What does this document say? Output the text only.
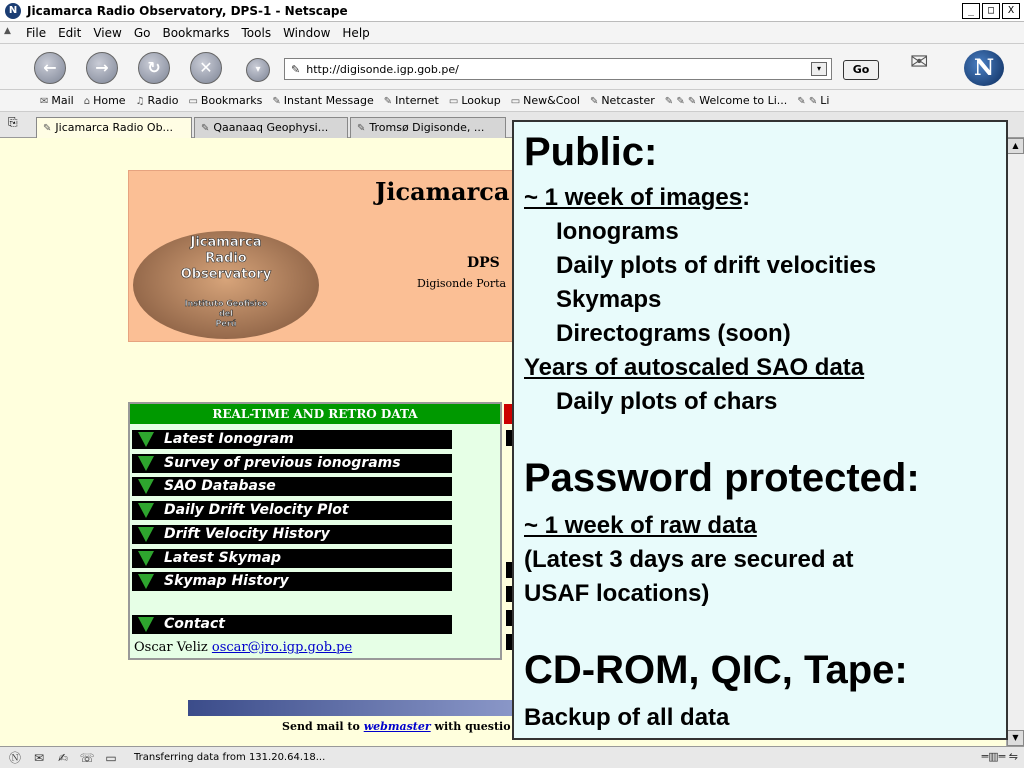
N Jicamarca Radio Observatory, DPS-1 - Netscape	_	□	X
▲ File Edit View Go Bookmarks Tools Window Help
←	→	↻	✕	▾	✎ http://digisonde.igp.gob.pe/	▾	Go	✉	N
✉ Mail ⌂ Home ♫ Radio ▭ Bookmarks ✎ Instant Message ✎ Internet ▭ Lookup ▭ New&Cool ✎ Netcaster ✎ ✎ ✎ Welcome to Li... ✎ ✎ Li
✎ Jicamarca Radio Ob...	✎ Qaanaaq Geophysi...	✎ Tromsø Digisonde, ...
⎘
Jicamarca
Jicamarca
Radio
Observatory
Instituto Geofisico
del
Perú
DPS
Digisonde Porta
REAL-TIME AND RETRO DATA
Latest Ionogram
Survey of previous ionograms
SAO Database
Daily Drift Velocity Plot
Drift Velocity History
Latest Skymap
Skymap History
Contact
Oscar Veliz oscar@jro.igp.gob.pe
Send mail to webmaster with questio
▲
▼
Public:
~ 1 week of images:
Ionograms
Daily plots of drift velocities
Skymaps
Directograms (soon)
Years of autoscaled SAO data
Daily plots of chars
Password protected:
~ 1 week of raw data
(Latest 3 days are secured at
USAF locations)
CD-ROM, QIC, Tape:
Backup of all data
Ⓝ	✉	✍ ☏ ▭	Transferring data from 131.20.64.18...	═▥═ ⇋
